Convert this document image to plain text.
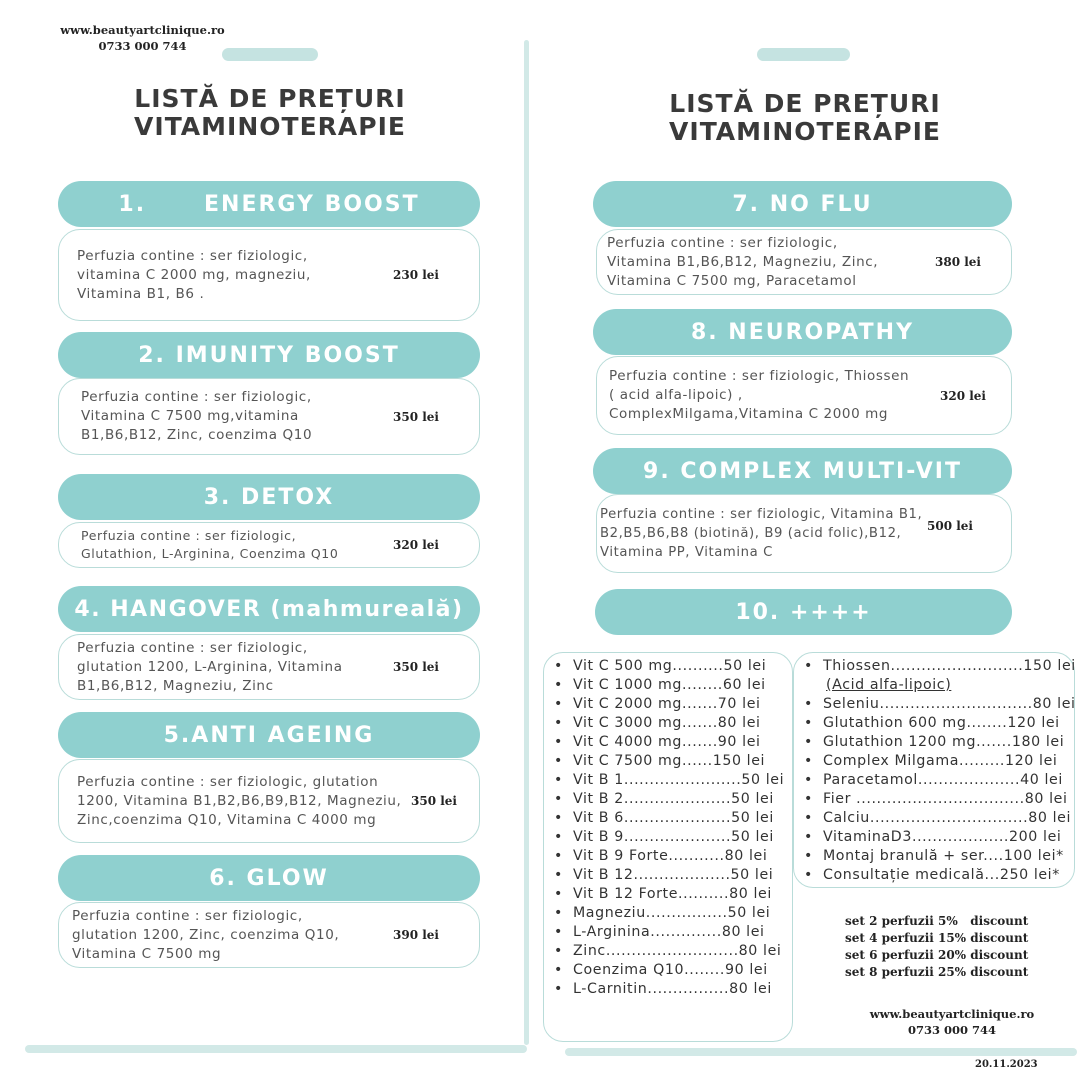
www.beautyartclinique.ro
0733 000 744
LISTĂ DE PREȚURI
VITAMINOTERAPIE
LISTĂ DE PREȚURI
VITAMINOTERAPIE
1.      ENERGY BOOST
Perfuzia contine : ser fiziologic, vitamina C 2000 mg, magneziu, Vitamina B1, B6 .
230 lei
2. IMUNITY BOOST
Perfuzia contine : ser fiziologic, Vitamina C 7500 mg,vitamina B1,B6,B12, Zinc, coenzima Q10
350 lei
3. DETOX
Perfuzia contine : ser fiziologic, Glutathion, L-Arginina, Coenzima Q10
320 lei
4. HANGOVER (mahmureală)
Perfuzia contine : ser fiziologic, glutation 1200, L-Arginina, Vitamina B1,B6,B12, Magneziu, Zinc
350 lei
5.ANTI AGEING
Perfuzia contine : ser fiziologic, glutation 1200, Vitamina B1,B2,B6,B9,B12, Magneziu, Zinc,coenzima Q10, Vitamina C 4000 mg
350 lei
6. GLOW
Perfuzia contine : ser fiziologic, glutation 1200, Zinc, coenzima Q10, Vitamina C 7500 mg
390 lei
7. NO FLU
Perfuzia contine : ser fiziologic, Vitamina B1,B6,B12, Magneziu, Zinc, Vitamina C 7500 mg, Paracetamol
380 lei
8. NEUROPATHY
Perfuzia contine : ser fiziologic, Thiossen ( acid alfa-lipoic) , ComplexMilgama,Vitamina C 2000 mg
320 lei
9. COMPLEX MULTI-VIT
Perfuzia contine : ser fiziologic, Vitamina B1, B2,B5,B6,B8 (biotină), B9 (acid folic),B12, Vitamina PP, Vitamina C
500 lei
10. ++++
• Vit C 500 mg..........50 lei
• Vit C 1000 mg........60 lei
• Vit C 2000 mg.......70 lei
• Vit C 3000 mg.......80 lei
• Vit C 4000 mg.......90 lei
• Vit C 7500 mg......150 lei
• Vit B 1.......................50 lei
• Vit B 2.....................50 lei
• Vit B 6.....................50 lei
• Vit B 9.....................50 lei
• Vit B 9 Forte...........80 lei
• Vit B 12...................50 lei
• Vit B 12 Forte..........80 lei
• Magneziu................50 lei
• L-Arginina..............80 lei
• Zinc..........................80 lei
• Coenzima Q10........90 lei
• L-Carnitin................80 lei
• Thiossen..........................150 lei
(Acid alfa-lipoic)
• Seleniu..............................80 lei
• Glutathion 600 mg........120 lei
• Glutathion 1200 mg.......180 lei
• Complex Milgama.........120 lei
• Paracetamol....................40 lei
• Fier .................................80 lei
• Calciu...............................80 lei
• VitaminaD3...................200 lei
• Montaj branulă + ser....100 lei*
• Consultație medicală...250 lei*
set 2 perfuzii 5%   discount
set 4 perfuzii 15% discount
set 6 perfuzii 20% discount
set 8 perfuzii 25% discount
www.beautyartclinique.ro
0733 000 744
20.11.2023
